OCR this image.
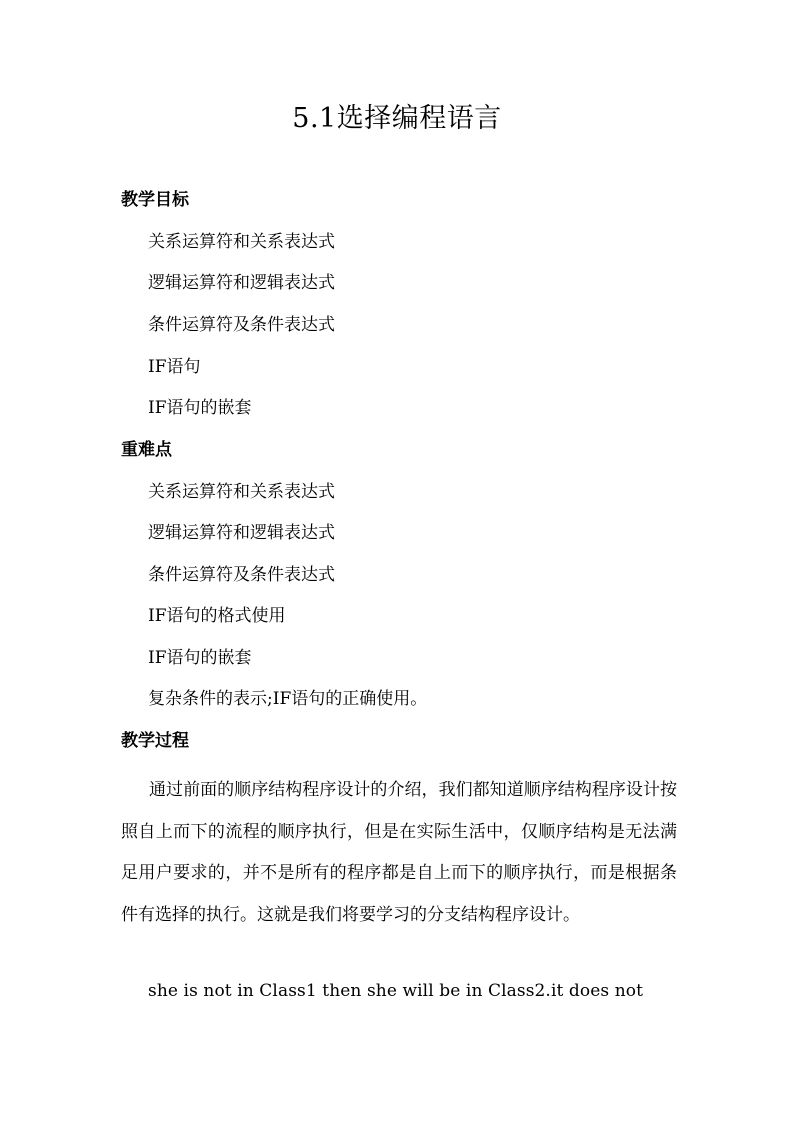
5.1选择编程语言
教学目标
关系运算符和关系表达式
逻辑运算符和逻辑表达式
条件运算符及条件表达式
IF语句
IF语句的嵌套
重难点
关系运算符和关系表达式
逻辑运算符和逻辑表达式
条件运算符及条件表达式
IF语句的格式使用
IF语句的嵌套
复杂条件的表示;IF语句的正确使用。
教学过程

通过前面的顺序结构程序设计的介绍，我们都知道顺序结构程序设计按照自上而下的流程的顺序执行，但是在实际生活中，仅顺序结构是无法满足用户要求的，并不是所有的程序都是自上而下的顺序执行，而是根据条件有选择的执行。这就是我们将要学习的分支结构程序设计。

she is not in Class1 then she will be in Class2.it does not
